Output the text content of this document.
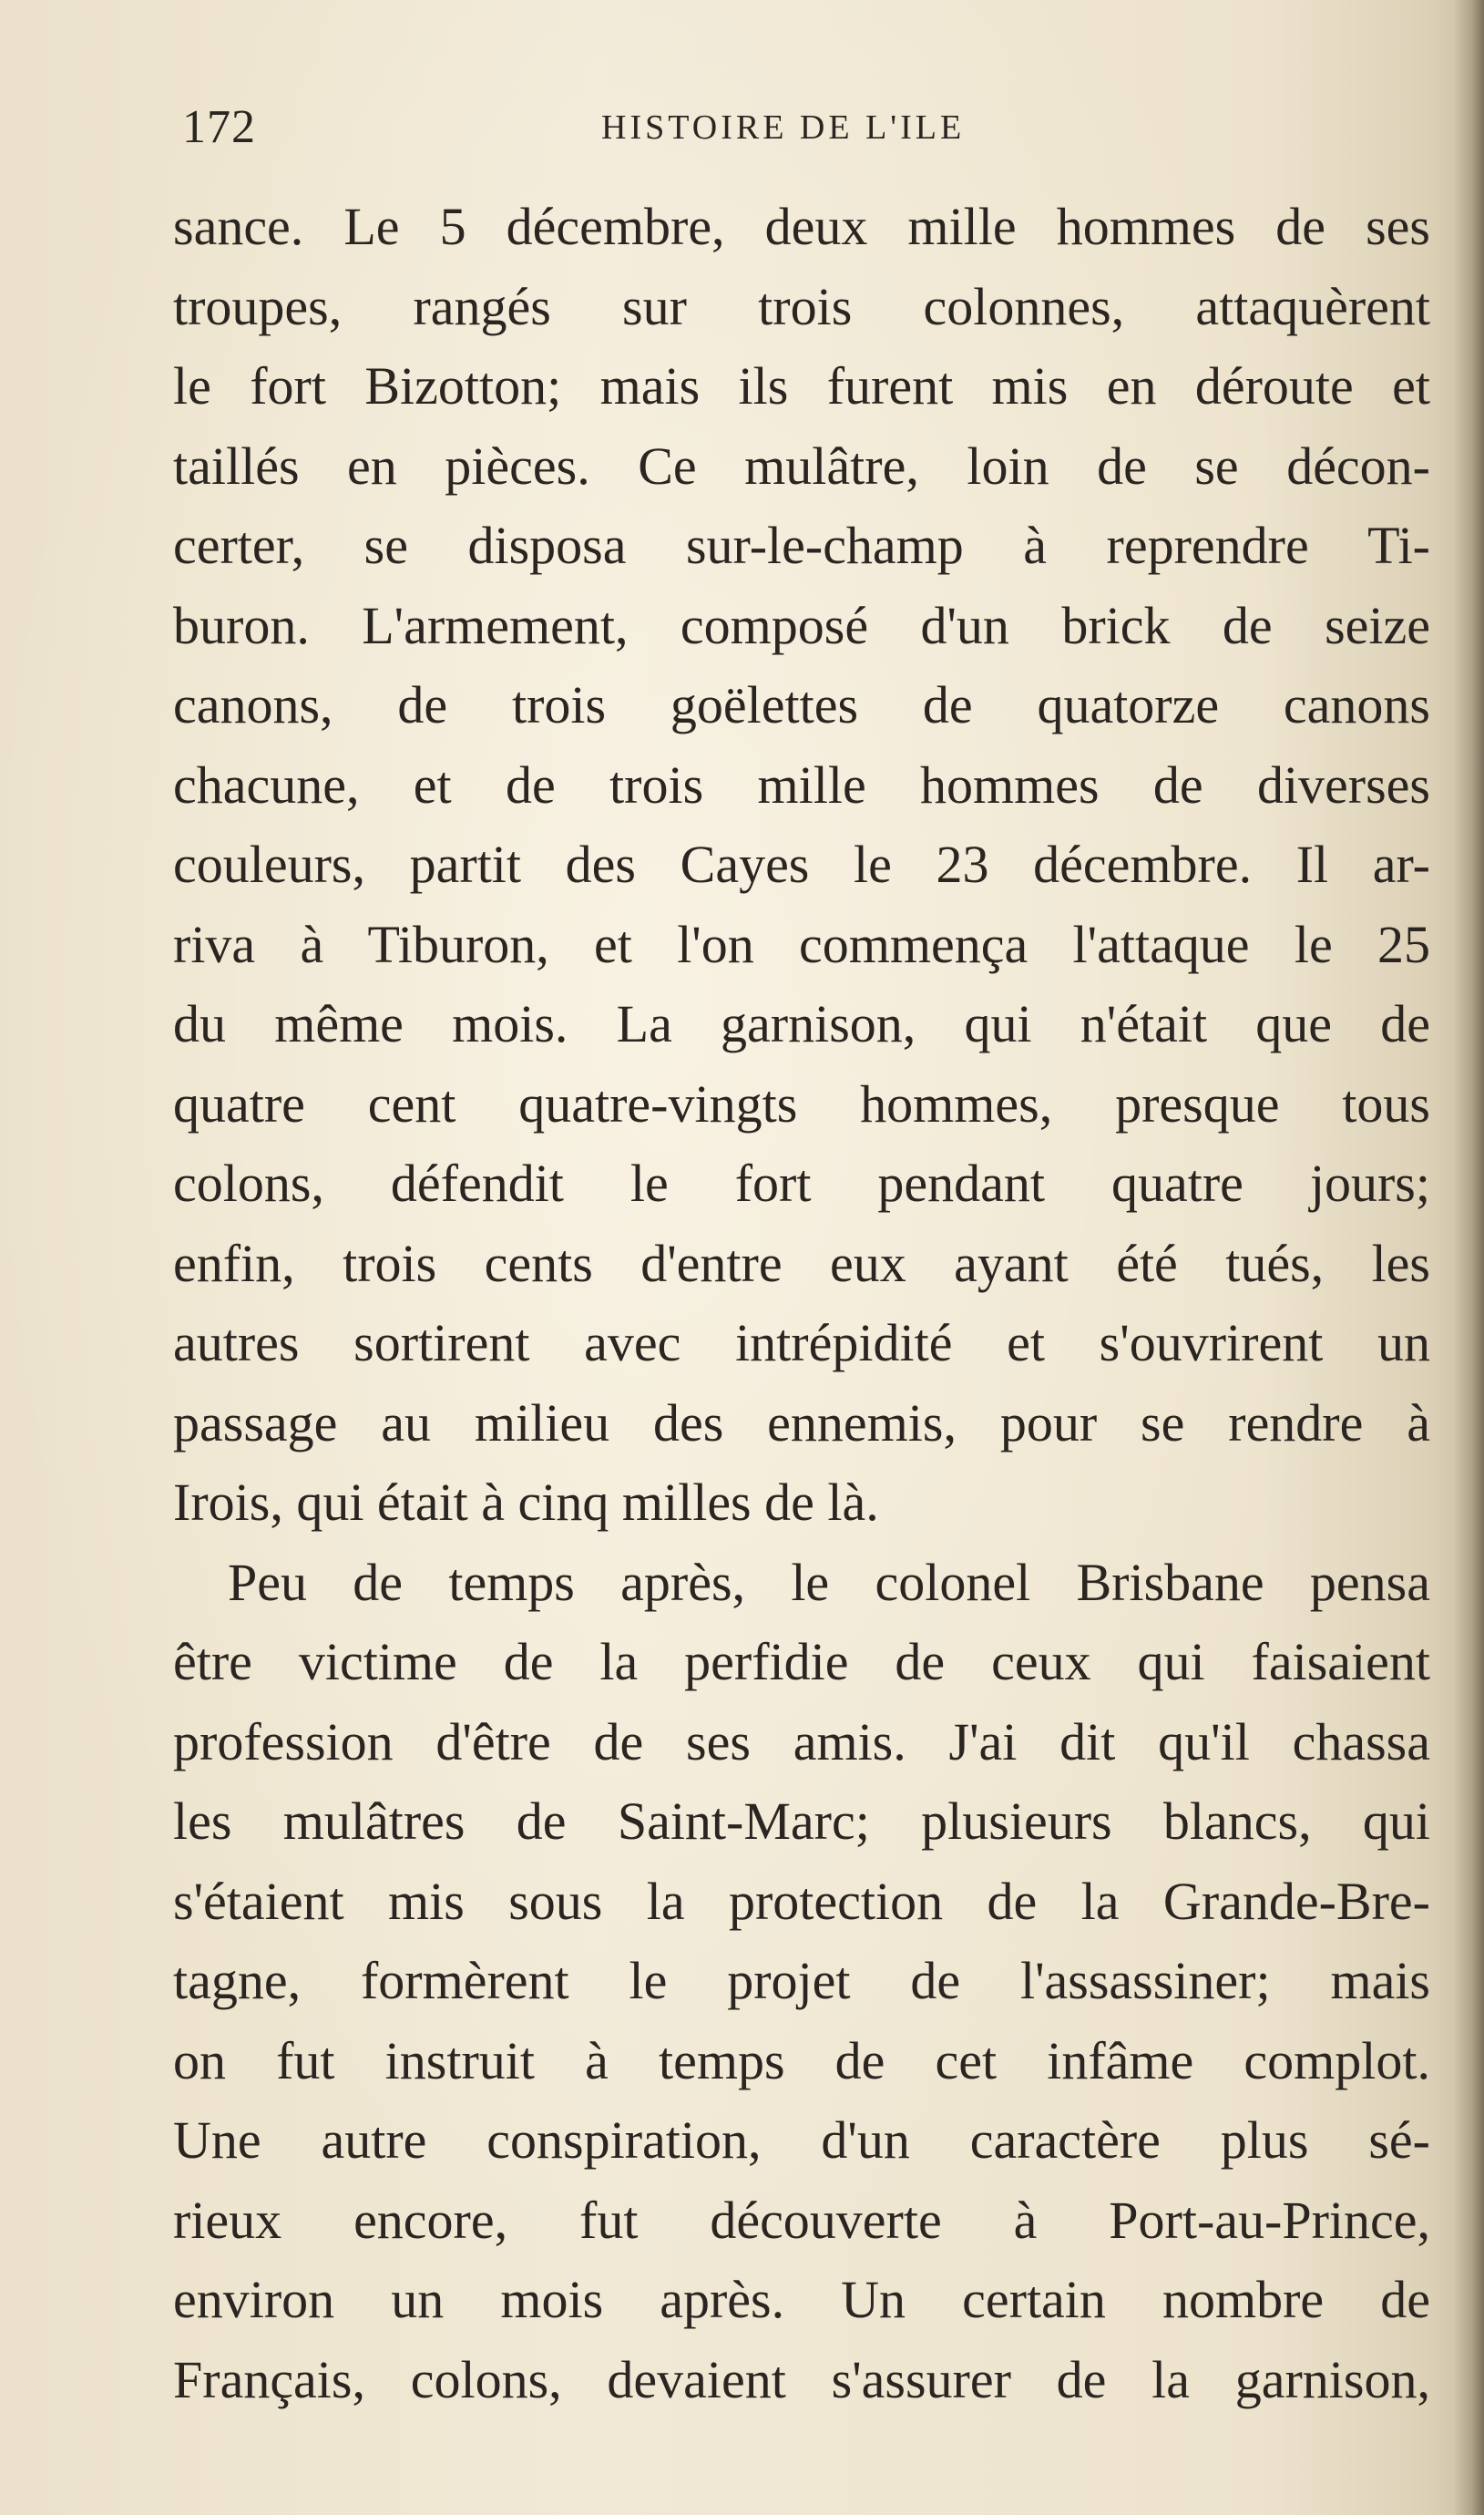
172	HISTOIRE DE L'ILE
sance. Le 5 décembre, deux mille hommes de ses
troupes, rangés sur trois colonnes, attaquèrent
le fort Bizotton; mais ils furent mis en déroute et
taillés en pièces. Ce mulâtre, loin de se décon-
certer, se disposa sur-le-champ à reprendre Ti-
buron. L'armement, composé d'un brick de seize
canons, de trois goëlettes de quatorze canons
chacune, et de trois mille hommes de diverses
couleurs, partit des Cayes le 23 décembre. Il ar-
riva à Tiburon, et l'on commença l'attaque le 25
du même mois. La garnison, qui n'était que de
quatre cent quatre-vingts hommes, presque tous
colons, défendit le fort pendant quatre jours;
enfin, trois cents d'entre eux ayant été tués, les
autres sortirent avec intrépidité et s'ouvrirent un
passage au milieu des ennemis, pour se rendre à
Irois, qui était à cinq milles de là.
Peu de temps après, le colonel Brisbane pensa
être victime de la perfidie de ceux qui faisaient
profession d'être de ses amis. J'ai dit qu'il chassa
les mulâtres de Saint-Marc; plusieurs blancs, qui
s'étaient mis sous la protection de la Grande-Bre-
tagne, formèrent le projet de l'assassiner; mais
on fut instruit à temps de cet infâme complot.
Une autre conspiration, d'un caractère plus sé-
rieux encore, fut découverte à Port-au-Prince,
environ un mois après. Un certain nombre de
Français, colons, devaient s'assurer de la garnison,
